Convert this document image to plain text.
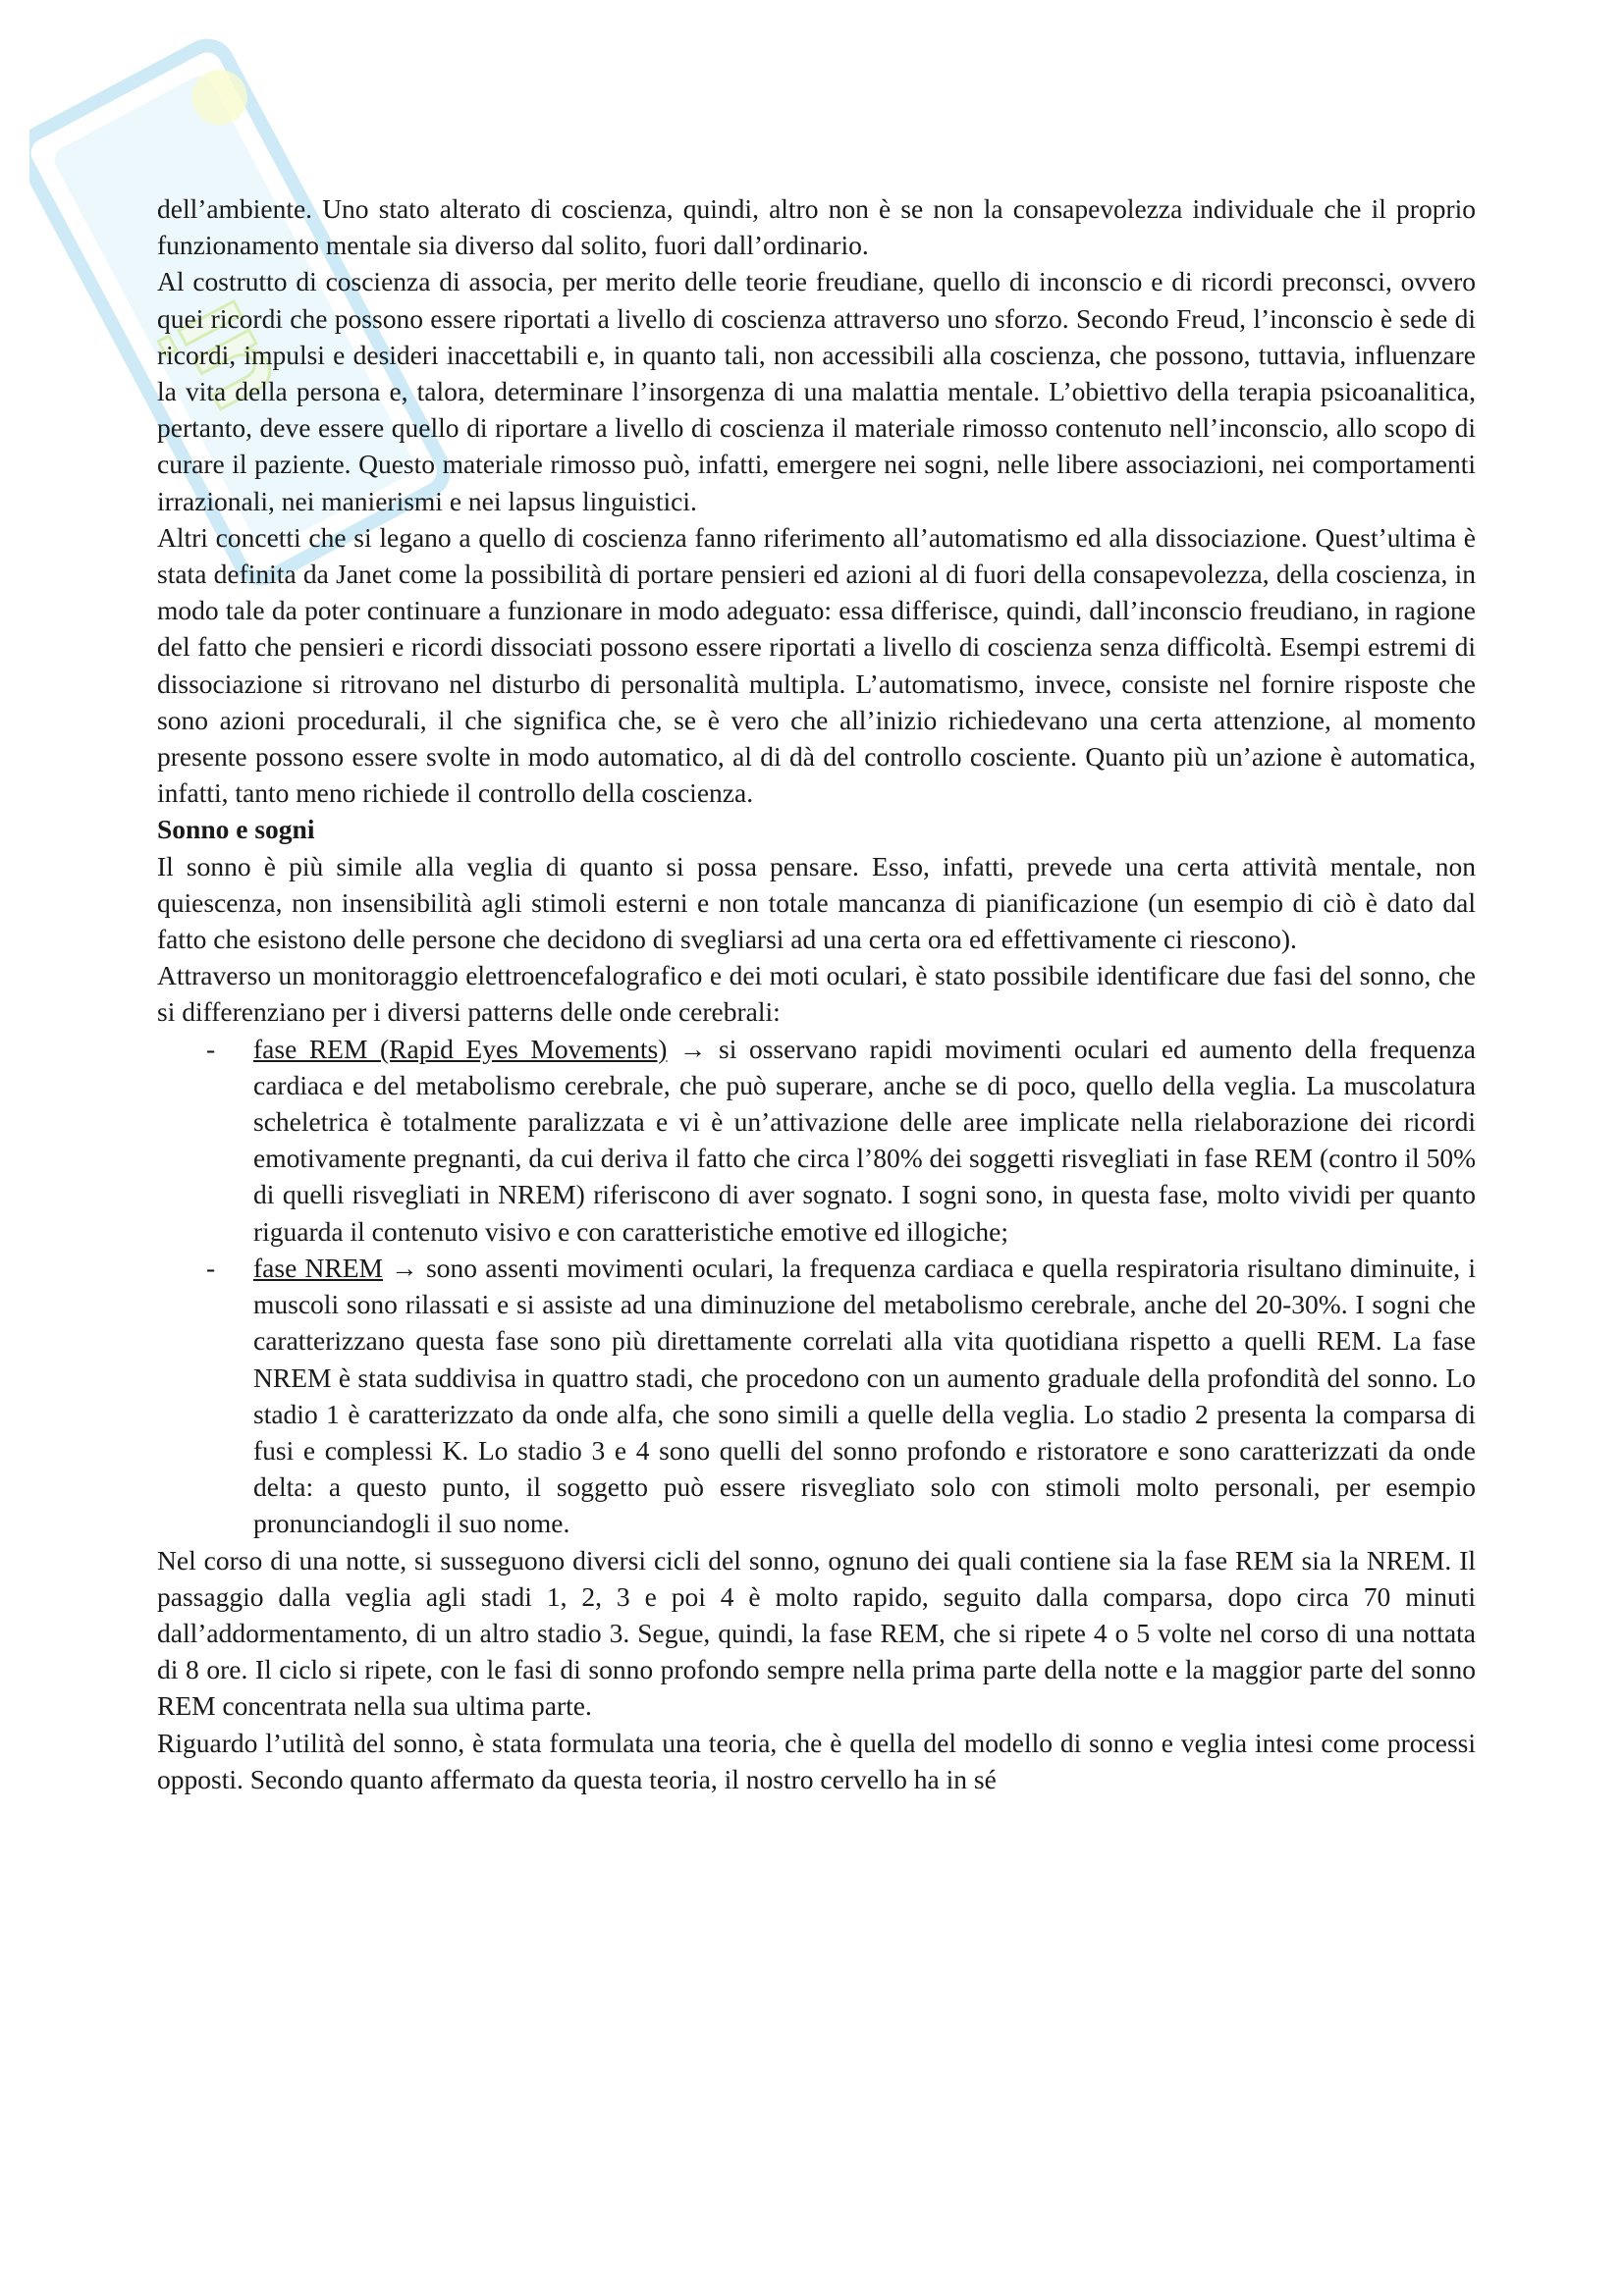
ui

dell’ambiente. Uno stato alterato di coscienza, quindi, altro non è se non la consapevolezza individuale che il proprio funzionamento mentale sia diverso dal solito, fuori dall’ordinario.

Al costrutto di coscienza di associa, per merito delle teorie freudiane, quello di inconscio e di ricordi preconsci, ovvero quei ricordi che possono essere riportati a livello di coscienza attraverso uno sforzo. Secondo Freud, l’inconscio è sede di ricordi, impulsi e desideri inaccettabili e, in quanto tali, non accessibili alla coscienza, che possono, tuttavia, influenzare la vita della persona e, talora, determinare l’insorgenza di una malattia mentale. L’obiettivo della terapia psicoanalitica, pertanto, deve essere quello di riportare a livello di coscienza il materiale rimosso contenuto nell’inconscio, allo scopo di curare il paziente. Questo materiale rimosso può, infatti, emergere nei sogni, nelle libere associazioni, nei comportamenti irrazionali, nei manierismi e nei lapsus linguistici.

Altri concetti che si legano a quello di coscienza fanno riferimento all’automatismo ed alla dissociazione. Quest’ultima è stata definita da Janet come la possibilità di portare pensieri ed azioni al di fuori della consapevolezza, della coscienza, in modo tale da poter continuare a funzionare in modo adeguato: essa differisce, quindi, dall’inconscio freudiano, in ragione del fatto che pensieri e ricordi dissociati possono essere riportati a livello di coscienza senza difficoltà. Esempi estremi di dissociazione si ritrovano nel disturbo di personalità multipla. L’automatismo, invece, consiste nel fornire risposte che sono azioni procedurali, il che significa che, se è vero che all’inizio richiedevano una certa attenzione, al momento presente possono essere svolte in modo automatico, al di dà del controllo cosciente. Quanto più un’azione è automatica, infatti, tanto meno richiede il controllo della coscienza.

Sonno e sogni

Il sonno è più simile alla veglia di quanto si possa pensare. Esso, infatti, prevede una certa attività mentale, non quiescenza, non insensibilità agli stimoli esterni e non totale mancanza di pianificazione (un esempio di ciò è dato dal fatto che esistono delle persone che decidono di svegliarsi ad una certa ora ed effettivamente ci riescono).

Attraverso un monitoraggio elettroencefalografico e dei moti oculari, è stato possibile identificare due fasi del sonno, che si differenziano per i diversi patterns delle onde cerebrali:

- fase REM (Rapid Eyes Movements) → si osservano rapidi movimenti oculari ed aumento della frequenza cardiaca e del metabolismo cerebrale, che può superare, anche se di poco, quello della veglia. La muscolatura scheletrica è totalmente paralizzata e vi è un’attivazione delle aree implicate nella rielaborazione dei ricordi emotivamente pregnanti, da cui deriva il fatto che circa l’80% dei soggetti risvegliati in fase REM (contro il 50% di quelli risvegliati in NREM) riferiscono di aver sognato. I sogni sono, in questa fase, molto vividi per quanto riguarda il contenuto visivo e con caratteristiche emotive ed illogiche;
- fase NREM → sono assenti movimenti oculari, la frequenza cardiaca e quella respiratoria risultano diminuite, i muscoli sono rilassati e si assiste ad una diminuzione del metabolismo cerebrale, anche del 20-30%. I sogni che caratterizzano questa fase sono più direttamente correlati alla vita quotidiana rispetto a quelli REM. La fase NREM è stata suddivisa in quattro stadi, che procedono con un aumento graduale della profondità del sonno. Lo stadio 1 è caratterizzato da onde alfa, che sono simili a quelle della veglia. Lo stadio 2 presenta la comparsa di fusi e complessi K. Lo stadio 3 e 4 sono quelli del sonno profondo e ristoratore e sono caratterizzati da onde delta: a questo punto, il soggetto può essere risvegliato solo con stimoli molto personali, per esempio pronunciandogli il suo nome.

Nel corso di una notte, si susseguono diversi cicli del sonno, ognuno dei quali contiene sia la fase REM sia la NREM. Il passaggio dalla veglia agli stadi 1, 2, 3 e poi 4 è molto rapido, seguito dalla comparsa, dopo circa 70 minuti dall’addormentamento, di un altro stadio 3. Segue, quindi, la fase REM, che si ripete 4 o 5 volte nel corso di una nottata di 8 ore. Il ciclo si ripete, con le fasi di sonno profondo sempre nella prima parte della notte e la maggior parte del sonno REM concentrata nella sua ultima parte.

Riguardo l’utilità del sonno, è stata formulata una teoria, che è quella del modello di sonno e veglia intesi come processi opposti. Secondo quanto affermato da questa teoria, il nostro cervello ha in sé
